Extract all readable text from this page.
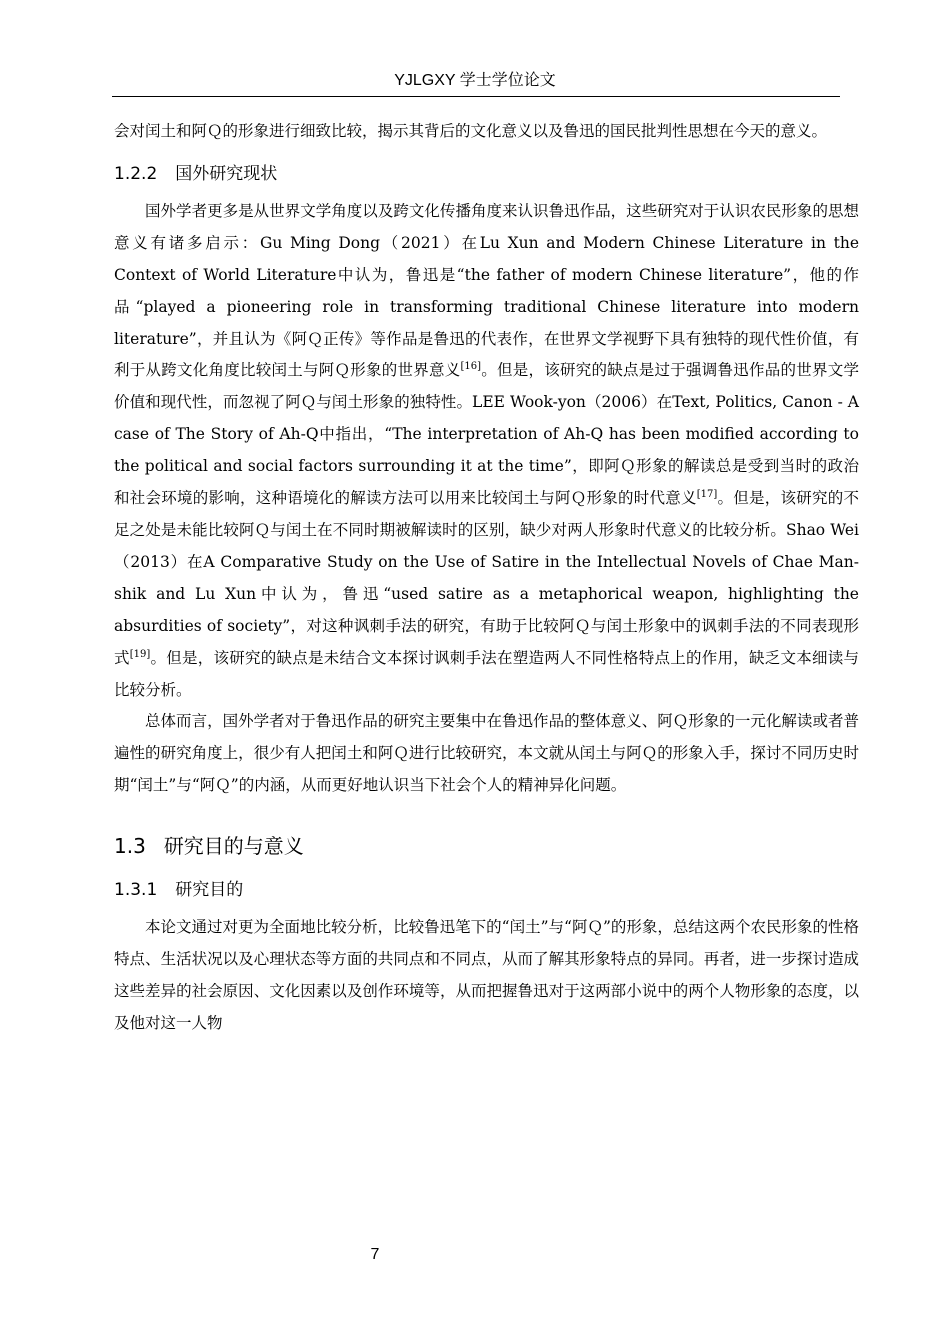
YJLGXY 学士学位论文

会对闰土和阿Ｑ的形象进行细致比较，揭示其背后的文化意义以及鲁迅的国民批判性思想在今天的意义。

1.2.2 国外研究现状

国外学者更多是从世界文学角度以及跨文化传播角度来认识鲁迅作品，这些研究对于认识农民形象的思想意义有诸多启示：Gu Ming Dong（2021）在Lu Xun and Modern Chinese Literature in the Context of World Literature中认为，鲁迅是“the father of modern Chinese literature”，他的作品“played a pioneering role in transforming traditional Chinese literature into modern literature”，并且认为《阿Ｑ正传》等作品是鲁迅的代表作，在世界文学视野下具有独特的现代性价值，有利于从跨文化角度比较闰土与阿Ｑ形象的世界意义[16]。但是，该研究的缺点是过于强调鲁迅作品的世界文学价值和现代性，而忽视了阿Ｑ与闰土形象的独特性。LEE Wook-yon（2006）在Text, Politics, Canon - A case of The Story of Ah-Q中指出，“The interpretation of Ah-Q has been modified according to the political and social factors surrounding it at the time”，即阿Ｑ形象的解读总是受到当时的政治和社会环境的影响，这种语境化的解读方法可以用来比较闰土与阿Ｑ形象的时代意义[17]。但是，该研究的不足之处是未能比较阿Ｑ与闰土在不同时期被解读时的区别，缺少对两人形象时代意义的比较分析。Shao Wei（2013）在A Comparative Study on the Use of Satire in the Intellectual Novels of Chae Man-shik and Lu Xun中认为，鲁迅“used satire as a metaphorical weapon, highlighting the absurdities of society”，对这种讽刺手法的研究，有助于比较阿Ｑ与闰土形象中的讽刺手法的不同表现形式[19]。但是，该研究的缺点是未结合文本探讨讽刺手法在塑造两人不同性格特点上的作用，缺乏文本细读与比较分析。

总体而言，国外学者对于鲁迅作品的研究主要集中在鲁迅作品的整体意义、阿Ｑ形象的一元化解读或者普遍性的研究角度上，很少有人把闰土和阿Ｑ进行比较研究，本文就从闰土与阿Ｑ的形象入手，探讨不同历史时期“闰土”与“阿Ｑ”的内涵，从而更好地认识当下社会个人的精神异化问题。

1.3 研究目的与意义
1.3.1 研究目的

本论文通过对更为全面地比较分析，比较鲁迅笔下的“闰土”与“阿Ｑ”的形象，总结这两个农民形象的性格特点、生活状况以及心理状态等方面的共同点和不同点，从而了解其形象特点的异同。再者，进一步探讨造成这些差异的社会原因、文化因素以及创作环境等，从而把握鲁迅对于这两部小说中的两个人物形象的态度，以及他对这一人物

7
